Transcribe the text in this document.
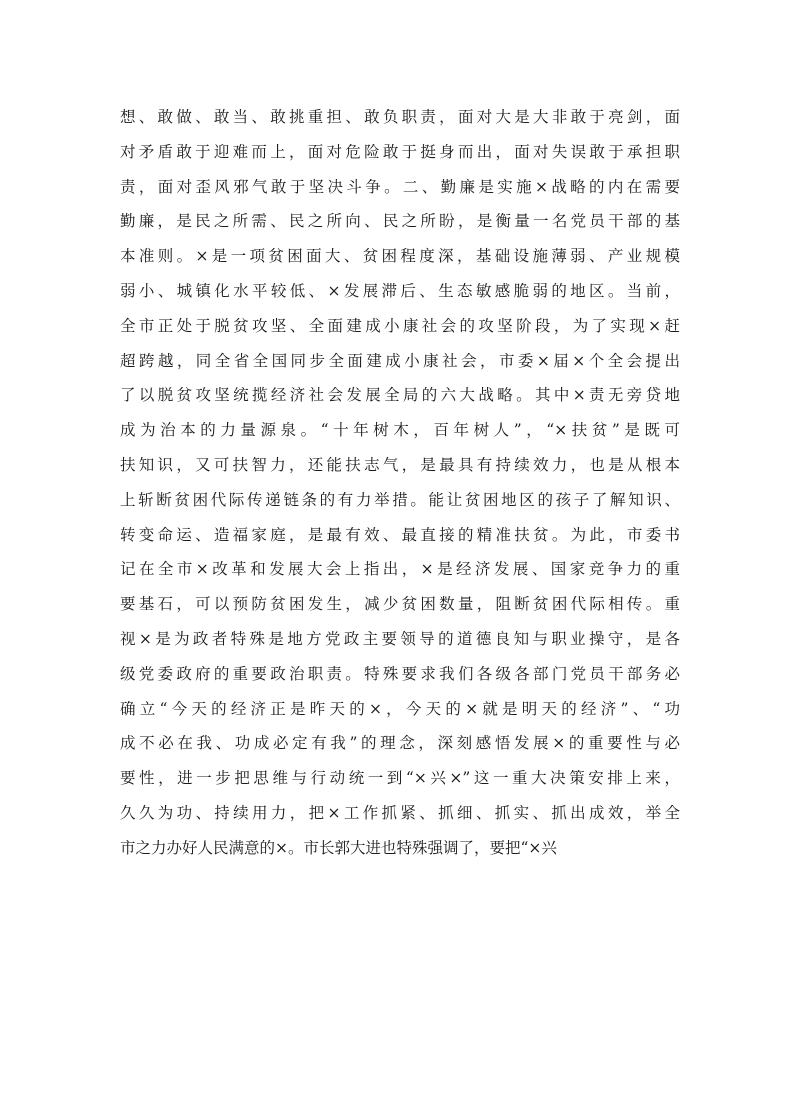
想、敢做、敢当、敢挑重担、敢负职责，面对大是大非敢于亮剑，面
对矛盾敢于迎难而上，面对危险敢于挺身而出，面对失误敢于承担职
责，面对歪风邪气敢于坚决斗争。二、勤廉是实施×战略的内在需要
勤廉，是民之所需、民之所向、民之所盼，是衡量一名党员干部的基
本准则。×是一项贫困面大、贫困程度深，基础设施薄弱、产业规模
弱小、城镇化水平较低、×发展滞后、生态敏感脆弱的地区。当前，
全市正处于脱贫攻坚、全面建成小康社会的攻坚阶段，为了实现×赶
超跨越，同全省全国同步全面建成小康社会，市委×届×个全会提出
了以脱贫攻坚统揽经济社会发展全局的六大战略。其中×责无旁贷地
成为治本的力量源泉。“十年树木，百年树人”，“×扶贫”是既可
扶知识，又可扶智力，还能扶志气，是最具有持续效力，也是从根本
上斩断贫困代际传递链条的有力举措。能让贫困地区的孩子了解知识、
转变命运、造福家庭，是最有效、最直接的精准扶贫。为此，市委书
记在全市×改革和发展大会上指出，×是经济发展、国家竞争力的重
要基石，可以预防贫困发生，减少贫困数量，阻断贫困代际相传。重
视×是为政者特殊是地方党政主要领导的道德良知与职业操守，是各
级党委政府的重要政治职责。特殊要求我们各级各部门党员干部务必
确立“今天的经济正是昨天的×，今天的×就是明天的经济”、“功
成不必在我、功成必定有我”的理念，深刻感悟发展×的重要性与必
要性，进一步把思维与行动统一到“×兴×”这一重大决策安排上来，
久久为功、持续用力，把×工作抓紧、抓细、抓实、抓出成效，举全
市之力办好人民满意的×。市长郭大进也特殊强调了，要把“×兴
